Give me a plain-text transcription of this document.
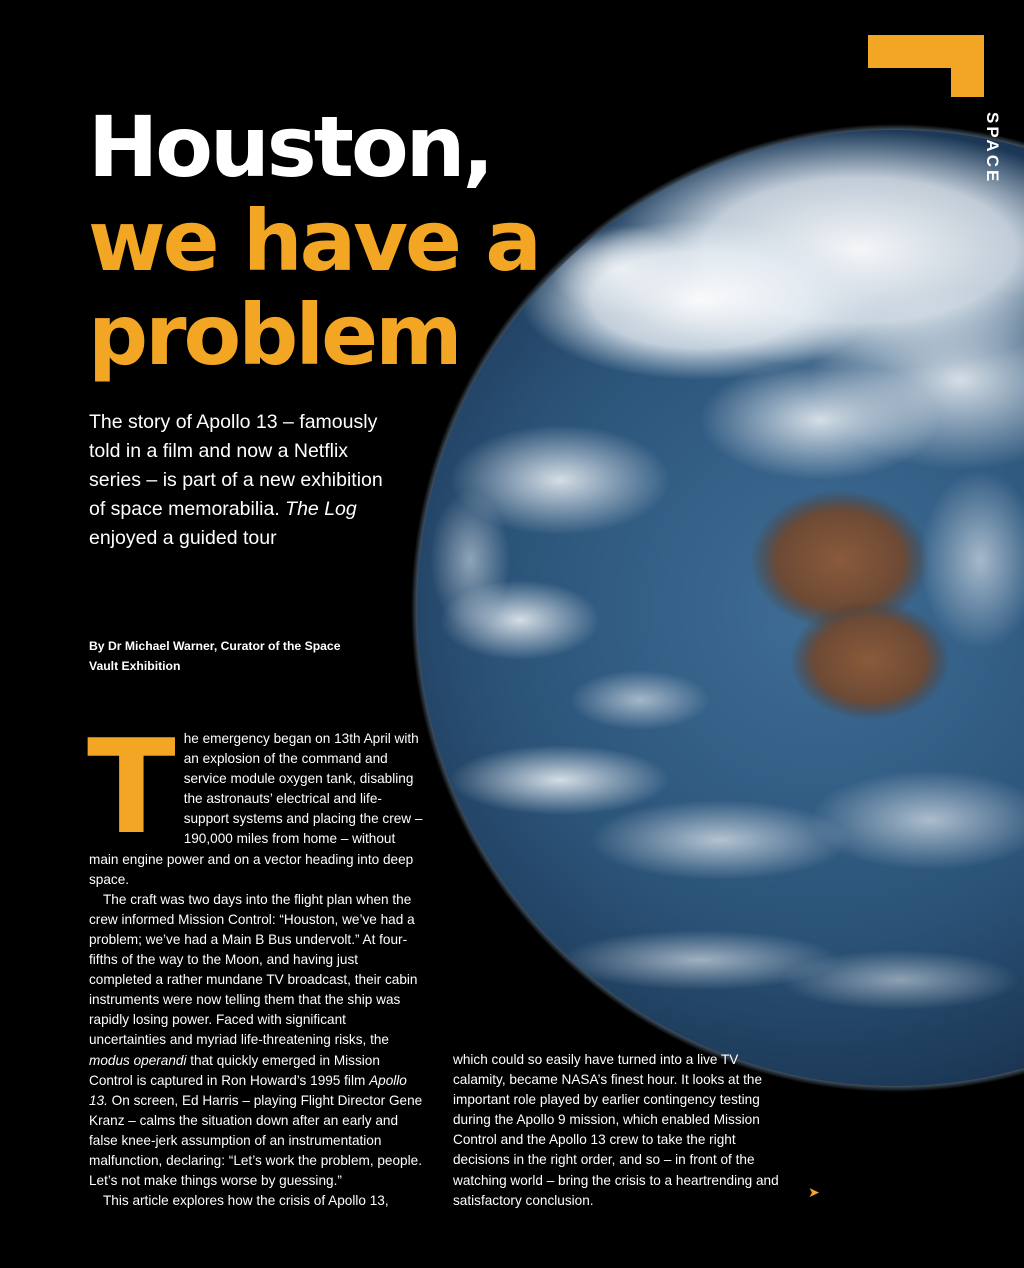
SPACE
Houston,
we have a
problem
The story of Apollo 13 – famously told in a film and now a Netflix series – is part of a new exhibition of space memorabilia. The Log enjoyed a guided tour
By Dr Michael Warner, Curator of the Space Vault Exhibition
T he emergency began on 13th April with an explosion of the command and service module oxygen tank, disabling the astronauts’ electrical and life-support systems and placing the crew – 190,000 miles from home – without main engine power and on a vector heading into deep space.
The craft was two days into the flight plan when the crew informed Mission Control: “Houston, we’ve had a problem; we’ve had a Main B Bus undervolt.” At four-fifths of the way to the Moon, and having just completed a rather mundane TV broadcast, their cabin instruments were now telling them that the ship was rapidly losing power. Faced with significant uncertainties and myriad life-threatening risks, the modus operandi that quickly emerged in Mission Control is captured in Ron Howard’s 1995 film Apollo 13. On screen, Ed Harris – playing Flight Director Gene Kranz – calms the situation down after an early and false knee-jerk assumption of an instrumentation malfunction, declaring: “Let’s work the problem, people. Let’s not make things worse by guessing.”
This article explores how the crisis of Apollo 13,
which could so easily have turned into a live TV calamity, became NASA’s finest hour. It looks at the important role played by earlier contingency testing during the Apollo 9 mission, which enabled Mission Control and the Apollo 13 crew to take the right decisions in the right order, and so – in front of the watching world – bring the crisis to a heartrending and satisfactory conclusion.
➤
